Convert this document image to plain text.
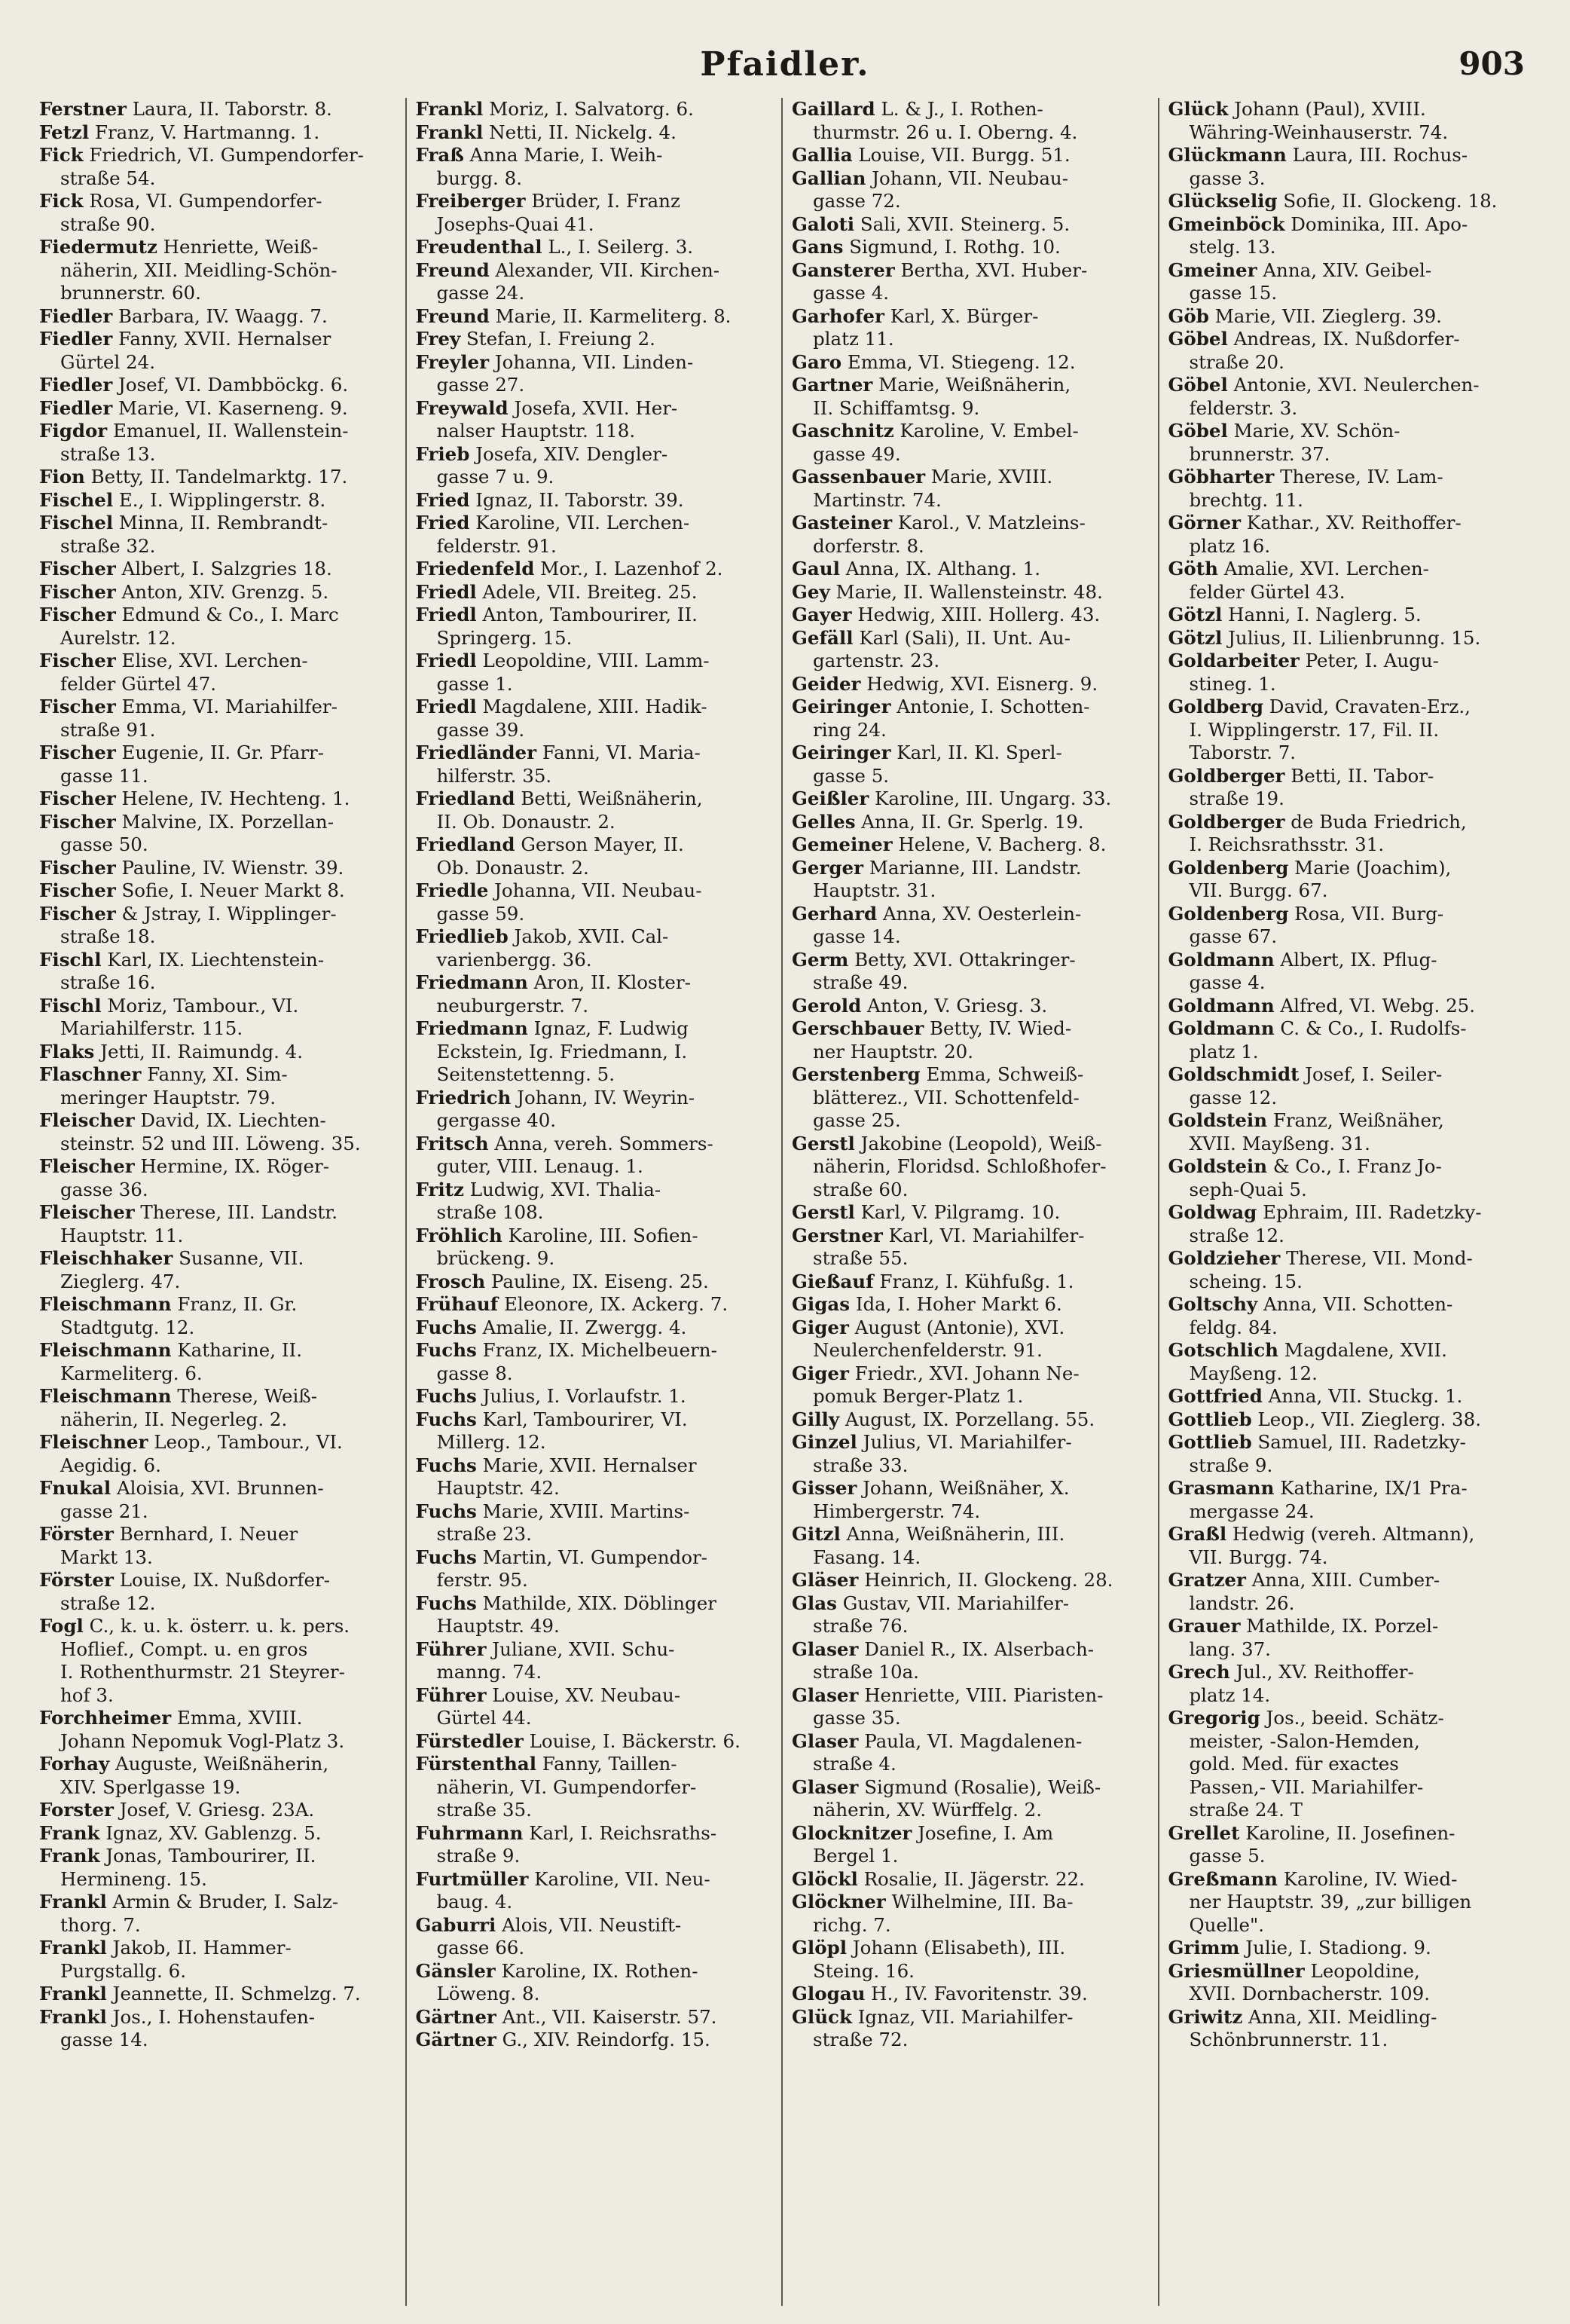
Pfaidler.	903

Ferstner Laura, II. Taborstr. 8.

Fetzl Franz, V. Hartmanng. 1.

Fick Friedrich, VI. Gumpendorfer-
straße 54.

Fick Rosa, VI. Gumpendorfer-
straße 90.

Fiedermutz Henriette, Weiß-
näherin, XII. Meidling-Schön-
brunnerstr. 60.

Fiedler Barbara, IV. Waagg. 7.

Fiedler Fanny, XVII. Hernalser
Gürtel 24.

Fiedler Josef, VI. Dambböckg. 6.

Fiedler Marie, VI. Kaserneng. 9.

Figdor Emanuel, II. Wallenstein-
straße 13.

Fion Betty, II. Tandelmarktg. 17.

Fischel E., I. Wipplingerstr. 8.

Fischel Minna, II. Rembrandt-
straße 32.

Fischer Albert, I. Salzgries 18.

Fischer Anton, XIV. Grenzg. 5.

Fischer Edmund & Co., I. Marc
Aurelstr. 12.

Fischer Elise, XVI. Lerchen-
felder Gürtel 47.

Fischer Emma, VI. Mariahilfer-
straße 91.

Fischer Eugenie, II. Gr. Pfarr-
gasse 11.

Fischer Helene, IV. Hechteng. 1.

Fischer Malvine, IX. Porzellan-
gasse 50.

Fischer Pauline, IV. Wienstr. 39.

Fischer Sofie, I. Neuer Markt 8.

Fischer & Jstray, I. Wipplinger-
straße 18.

Fischl Karl, IX. Liechtenstein-
straße 16.

Fischl Moriz, Tambour., VI.
Mariahilferstr. 115.

Flaks Jetti, II. Raimundg. 4.

Flaschner Fanny, XI. Sim-
meringer Hauptstr. 79.

Fleischer David, IX. Liechten-
steinstr. 52 und III. Löweng. 35.

Fleischer Hermine, IX. Röger-
gasse 36.

Fleischer Therese, III. Landstr.
Hauptstr. 11.

Fleischhaker Susanne, VII.
Zieglerg. 47.

Fleischmann Franz, II. Gr.
Stadtgutg. 12.

Fleischmann Katharine, II.
Karmeliterg. 6.

Fleischmann Therese, Weiß-
näherin, II. Negerleg. 2.

Fleischner Leop., Tambour., VI.
Aegidig. 6.

Fnukal Aloisia, XVI. Brunnen-
gasse 21.

Förster Bernhard, I. Neuer
Markt 13.

Förster Louise, IX. Nußdorfer-
straße 12.

Fogl C., k. u. k. österr. u. k. pers.
Hoflief., Compt. u. en gros
I. Rothenthurmstr. 21 Steyrer-
hof 3.

Forchheimer Emma, XVIII.
Johann Nepomuk Vogl-Platz 3.

Forhay Auguste, Weißnäherin,
XIV. Sperlgasse 19.

Forster Josef, V. Griesg. 23A.

Frank Ignaz, XV. Gablenzg. 5.

Frank Jonas, Tambourirer, II.
Hermineng. 15.

Frankl Armin & Bruder, I. Salz-
thorg. 7.

Frankl Jakob, II. Hammer-
Purgstallg. 6.

Frankl Jeannette, II. Schmelzg. 7.

Frankl Jos., I. Hohenstaufen-
gasse 14.

Frankl Moriz, I. Salvatorg. 6.

Frankl Netti, II. Nickelg. 4.

Fraß Anna Marie, I. Weih-
burgg. 8.

Freiberger Brüder, I. Franz
Josephs-Quai 41.

Freudenthal L., I. Seilerg. 3.

Freund Alexander, VII. Kirchen-
gasse 24.

Freund Marie, II. Karmeliterg. 8.

Frey Stefan, I. Freiung 2.

Freyler Johanna, VII. Linden-
gasse 27.

Freywald Josefa, XVII. Her-
nalser Hauptstr. 118.

Frieb Josefa, XIV. Dengler-
gasse 7 u. 9.

Fried Ignaz, II. Taborstr. 39.

Fried Karoline, VII. Lerchen-
felderstr. 91.

Friedenfeld Mor., I. Lazenhof 2.

Friedl Adele, VII. Breiteg. 25.

Friedl Anton, Tambourirer, II.
Springerg. 15.

Friedl Leopoldine, VIII. Lamm-
gasse 1.

Friedl Magdalene, XIII. Hadik-
gasse 39.

Friedländer Fanni, VI. Maria-
hilferstr. 35.

Friedland Betti, Weißnäherin,
II. Ob. Donaustr. 2.

Friedland Gerson Mayer, II.
Ob. Donaustr. 2.

Friedle Johanna, VII. Neubau-
gasse 59.

Friedlieb Jakob, XVII. Cal-
varienbergg. 36.

Friedmann Aron, II. Kloster-
neuburgerstr. 7.

Friedmann Ignaz, F. Ludwig
Eckstein, Ig. Friedmann, I.
Seitenstettenng. 5.

Friedrich Johann, IV. Weyrin-
gergasse 40.

Fritsch Anna, vereh. Sommers-
guter, VIII. Lenaug. 1.

Fritz Ludwig, XVI. Thalia-
straße 108.

Fröhlich Karoline, III. Sofien-
brückeng. 9.

Frosch Pauline, IX. Eiseng. 25.

Frühauf Eleonore, IX. Ackerg. 7.

Fuchs Amalie, II. Zwergg. 4.

Fuchs Franz, IX. Michelbeuern-
gasse 8.

Fuchs Julius, I. Vorlaufstr. 1.

Fuchs Karl, Tambourirer, VI.
Millerg. 12.

Fuchs Marie, XVII. Hernalser
Hauptstr. 42.

Fuchs Marie, XVIII. Martins-
straße 23.

Fuchs Martin, VI. Gumpendor-
ferstr. 95.

Fuchs Mathilde, XIX. Döblinger
Hauptstr. 49.

Führer Juliane, XVII. Schu-
manng. 74.

Führer Louise, XV. Neubau-
Gürtel 44.

Fürstedler Louise, I. Bäckerstr. 6.

Fürstenthal Fanny, Taillen-
näherin, VI. Gumpendorfer-
straße 35.

Fuhrmann Karl, I. Reichsraths-
straße 9.

Furtmüller Karoline, VII. Neu-
baug. 4.

Gaburri Alois, VII. Neustift-
gasse 66.

Gänsler Karoline, IX. Rothen-
Löweng. 8.

Gärtner Ant., VII. Kaiserstr. 57.

Gärtner G., XIV. Reindorfg. 15.

Gaillard L. & J., I. Rothen-
thurmstr. 26 u. I. Oberng. 4.

Gallia Louise, VII. Burgg. 51.

Gallian Johann, VII. Neubau-
gasse 72.

Galoti Sali, XVII. Steinerg. 5.

Gans Sigmund, I. Rothg. 10.

Gansterer Bertha, XVI. Huber-
gasse 4.

Garhofer Karl, X. Bürger-
platz 11.

Garo Emma, VI. Stiegeng. 12.

Gartner Marie, Weißnäherin,
II. Schiffamtsg. 9.

Gaschnitz Karoline, V. Embel-
gasse 49.

Gassenbauer Marie, XVIII.
Martinstr. 74.

Gasteiner Karol., V. Matzleins-
dorferstr. 8.

Gaul Anna, IX. Althang. 1.

Gey Marie, II. Wallensteinstr. 48.

Gayer Hedwig, XIII. Hollerg. 43.

Gefäll Karl (Sali), II. Unt. Au-
gartenstr. 23.

Geider Hedwig, XVI. Eisnerg. 9.

Geiringer Antonie, I. Schotten-
ring 24.

Geiringer Karl, II. Kl. Sperl-
gasse 5.

Geißler Karoline, III. Ungarg. 33.

Gelles Anna, II. Gr. Sperlg. 19.

Gemeiner Helene, V. Bacherg. 8.

Gerger Marianne, III. Landstr.
Hauptstr. 31.

Gerhard Anna, XV. Oesterlein-
gasse 14.

Germ Betty, XVI. Ottakringer-
straße 49.

Gerold Anton, V. Griesg. 3.

Gerschbauer Betty, IV. Wied-
ner Hauptstr. 20.

Gerstenberg Emma, Schweiß-
blätterez., VII. Schottenfeld-
gasse 25.

Gerstl Jakobine (Leopold), Weiß-
näherin, Floridsd. Schloßhofer-
straße 60.

Gerstl Karl, V. Pilgramg. 10.

Gerstner Karl, VI. Mariahilfer-
straße 55.

Gießauf Franz, I. Kühfußg. 1.

Gigas Ida, I. Hoher Markt 6.

Giger August (Antonie), XVI.
Neulerchenfelderstr. 91.

Giger Friedr., XVI. Johann Ne-
pomuk Berger-Platz 1.

Gilly August, IX. Porzellang. 55.

Ginzel Julius, VI. Mariahilfer-
straße 33.

Gisser Johann, Weißnäher, X.
Himbergerstr. 74.

Gitzl Anna, Weißnäherin, III.
Fasang. 14.

Gläser Heinrich, II. Glockeng. 28.

Glas Gustav, VII. Mariahilfer-
straße 76.

Glaser Daniel R., IX. Alserbach-
straße 10a.

Glaser Henriette, VIII. Piaristen-
gasse 35.

Glaser Paula, VI. Magdalenen-
straße 4.

Glaser Sigmund (Rosalie), Weiß-
näherin, XV. Würffelg. 2.

Glocknitzer Josefine, I. Am
Bergel 1.

Glöckl Rosalie, II. Jägerstr. 22.

Glöckner Wilhelmine, III. Ba-
richg. 7.

Glöpl Johann (Elisabeth), III.
Steing. 16.

Glogau H., IV. Favoritenstr. 39.

Glück Ignaz, VII. Mariahilfer-
straße 72.

Glück Johann (Paul), XVIII.
Währing-Weinhauserstr. 74.

Glückmann Laura, III. Rochus-
gasse 3.

Glückselig Sofie, II. Glockeng. 18.

Gmeinböck Dominika, III. Apo-
stelg. 13.

Gmeiner Anna, XIV. Geibel-
gasse 15.

Göb Marie, VII. Zieglerg. 39.

Göbel Andreas, IX. Nußdorfer-
straße 20.

Göbel Antonie, XVI. Neulerchen-
felderstr. 3.

Göbel Marie, XV. Schön-
brunnerstr. 37.

Göbharter Therese, IV. Lam-
brechtg. 11.

Görner Kathar., XV. Reithoffer-
platz 16.

Göth Amalie, XVI. Lerchen-
felder Gürtel 43.

Götzl Hanni, I. Naglerg. 5.

Götzl Julius, II. Lilienbrunng. 15.

Goldarbeiter Peter, I. Augu-
stineg. 1.

Goldberg David, Cravaten-Erz.,
I. Wipplingerstr. 17, Fil. II.
Taborstr. 7.

Goldberger Betti, II. Tabor-
straße 19.

Goldberger de Buda Friedrich,
I. Reichsrathsstr. 31.

Goldenberg Marie (Joachim),
VII. Burgg. 67.

Goldenberg Rosa, VII. Burg-
gasse 67.

Goldmann Albert, IX. Pflug-
gasse 4.

Goldmann Alfred, VI. Webg. 25.

Goldmann C. & Co., I. Rudolfs-
platz 1.

Goldschmidt Josef, I. Seiler-
gasse 12.

Goldstein Franz, Weißnäher,
XVII. Mayßeng. 31.

Goldstein & Co., I. Franz Jo-
seph-Quai 5.

Goldwag Ephraim, III. Radetzky-
straße 12.

Goldzieher Therese, VII. Mond-
scheing. 15.

Goltschy Anna, VII. Schotten-
feldg. 84.

Gotschlich Magdalene, XVII.
Mayßeng. 12.

Gottfried Anna, VII. Stuckg. 1.

Gottlieb Leop., VII. Zieglerg. 38.

Gottlieb Samuel, III. Radetzky-
straße 9.

Grasmann Katharine, IX/1 Pra-
mergasse 24.

Graßl Hedwig (vereh. Altmann),
VII. Burgg. 74.

Gratzer Anna, XIII. Cumber-
landstr. 26.

Grauer Mathilde, IX. Porzel-
lang. 37.

Grech Jul., XV. Reithoffer-
platz 14.

Gregorig Jos., beeid. Schätz-
meister, -Salon-Hemden,
gold. Med. für exactes
Passen,- VII. Mariahilfer-
straße 24. T

Grellet Karoline, II. Josefinen-
gasse 5.

Greßmann Karoline, IV. Wied-
ner Hauptstr. 39, „zur billigen
Quelle".

Grimm Julie, I. Stadiong. 9.

Griesmüllner Leopoldine,
XVII. Dornbacherstr. 109.

Griwitz Anna, XII. Meidling-
Schönbrunnerstr. 11.
